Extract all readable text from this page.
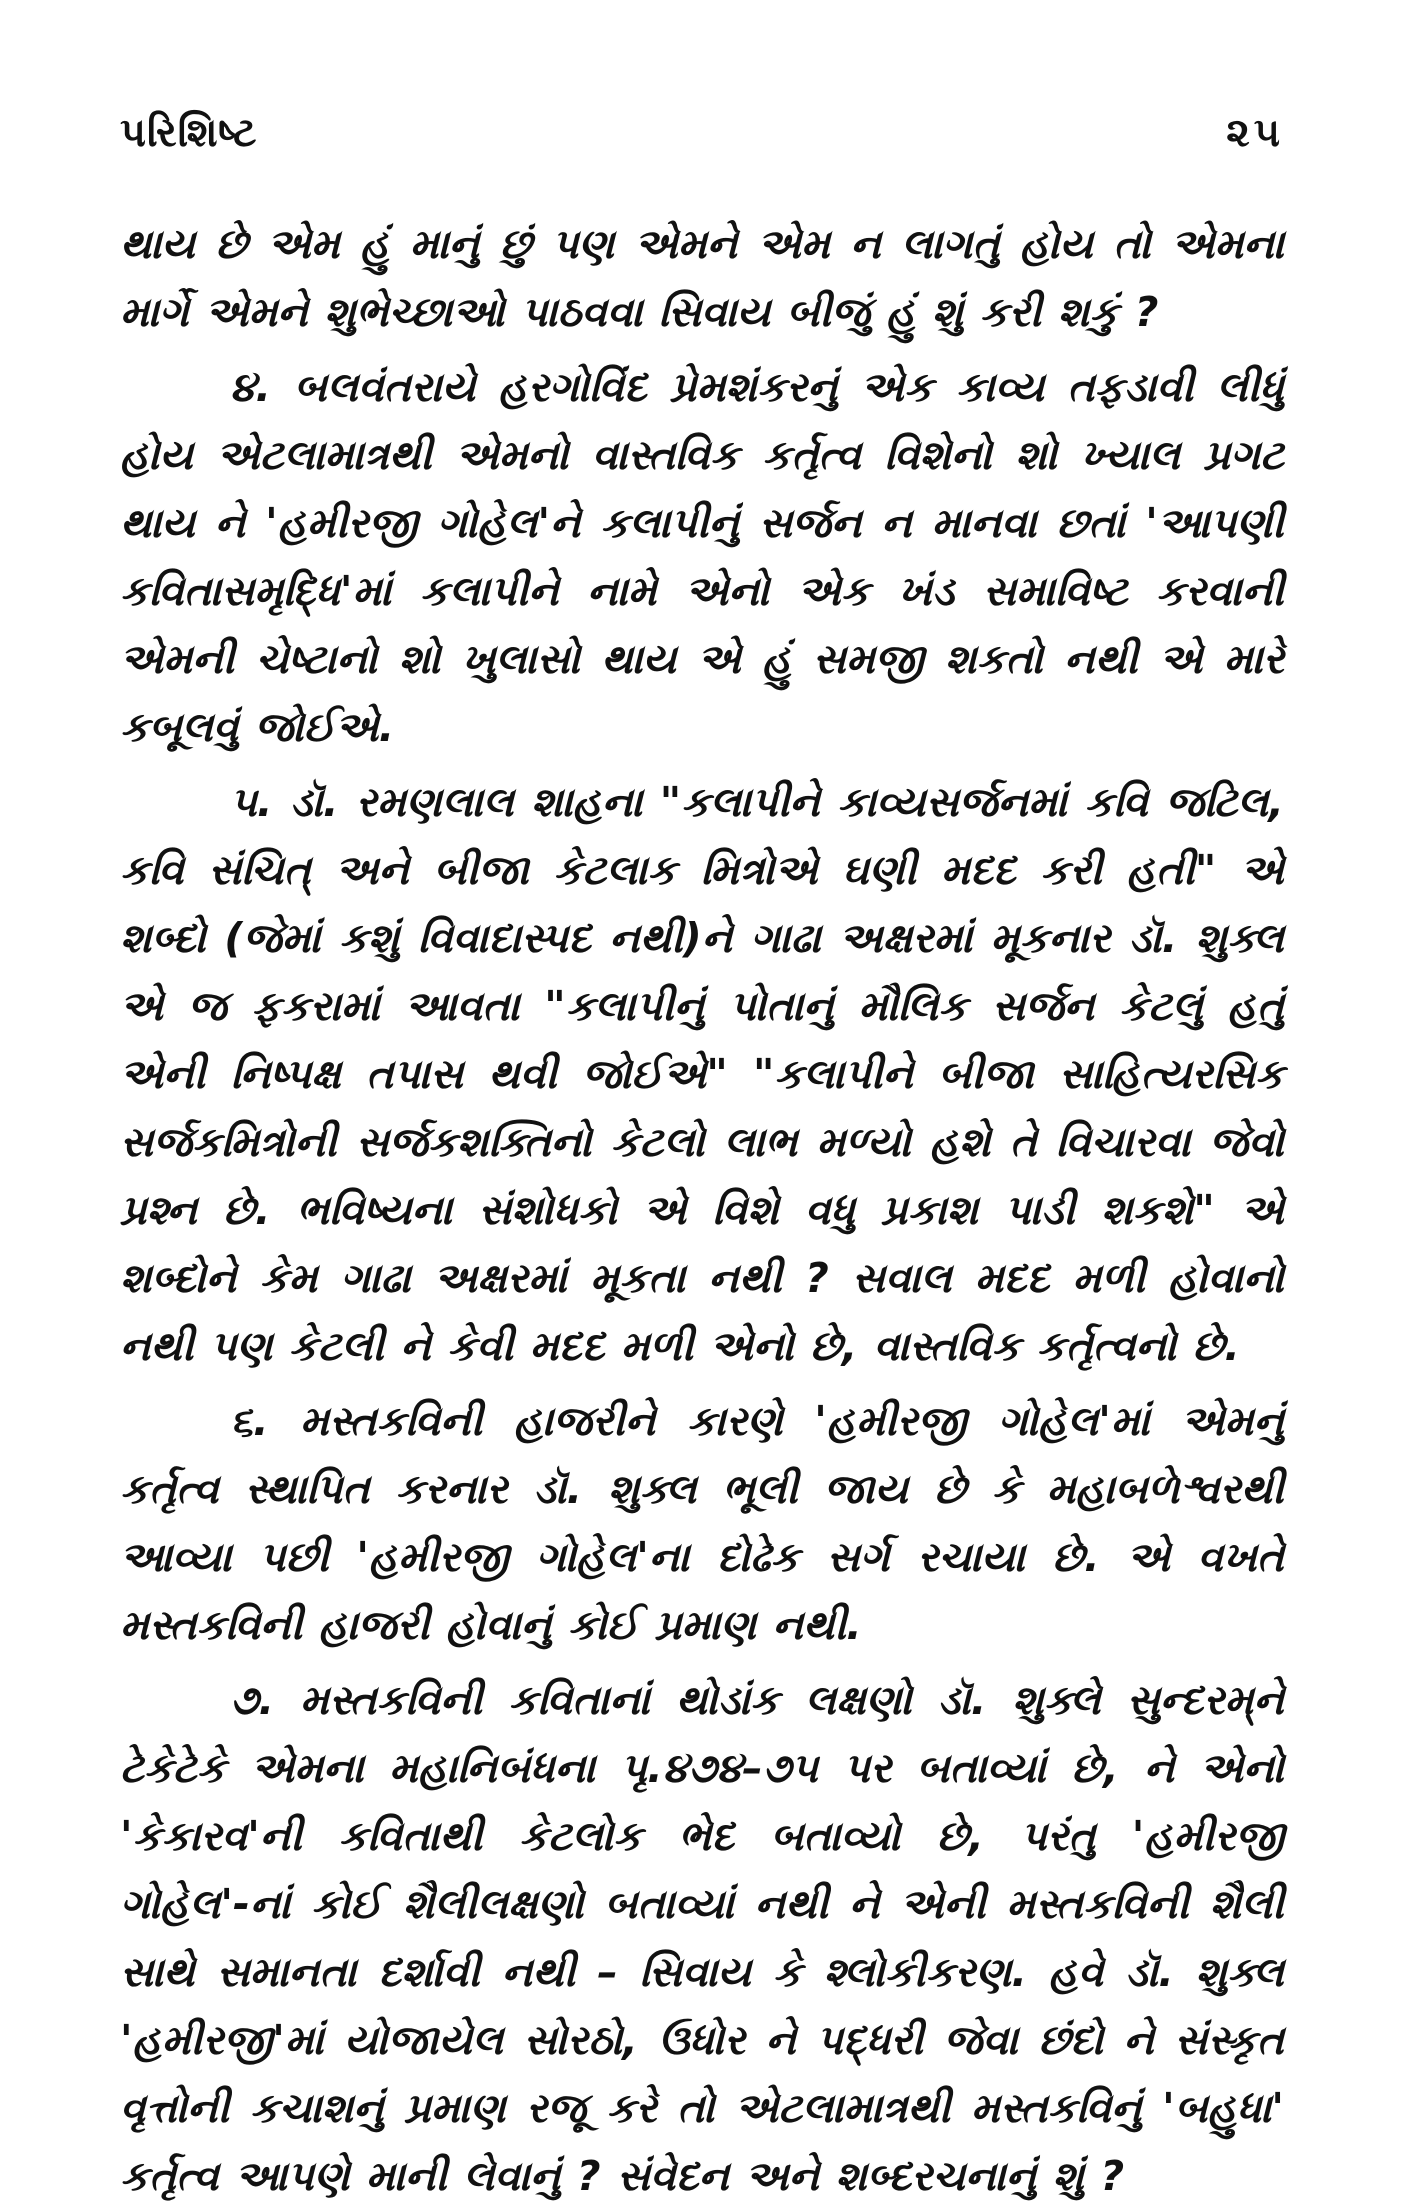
પરિશિષ્ટ	૨૫

થાય છે એમ હું માનું છું પણ એમને એમ ન લાગતું હોય તો એમના માર્ગે એમને શુભેચ્છાઓ પાઠવવા સિવાય બીજું હું શું કરી શકું ?

૪. બલવંતરાયે હરગોવિંદ પ્રેમશંકરનું એક કાવ્ય તફડાવી લીધું હોય એટલામાત્રથી એમનો વાસ્તવિક કર્તૃત્વ વિશેનો શો ખ્યાલ પ્રગટ થાય ને 'હમીરજી ગોહેલ'ને કલાપીનું સર્જન ન માનવા છતાં 'આપણી કવિતાસમૃદ્ધિ'માં કલાપીને નામે એનો એક ખંડ સમાવિષ્ટ કરવાની એમની ચેષ્ટાનો શો ખુલાસો થાય એ હું સમજી શકતો નથી એ મારે કબૂલવું જોઈએ.

૫. ડૉ. રમણલાલ શાહના "કલાપીને કાવ્યસર્જનમાં કવિ જટિલ, કવિ સંચિત્ અને બીજા કેટલાક મિત્રોએ ઘણી મદદ કરી હતી" એ શબ્દો (જેમાં કશું વિવાદાસ્પદ નથી)ને ગાઢા અક્ષરમાં મૂકનાર ડૉ. શુક્લ એ જ ફકરામાં આવતા "કલાપીનું પોતાનું મૌલિક સર્જન કેટલું હતું એની નિષ્પક્ષ તપાસ થવી જોઈએ" "કલાપીને બીજા સાહિત્યરસિક સર્જકમિત્રોની સર્જકશક્તિનો કેટલો લાભ મળ્યો હશે તે વિચારવા જેવો પ્રશ્ન છે. ભવિષ્યના સંશોધકો એ વિશે વધુ પ્રકાશ પાડી શકશે" એ શબ્દોને કેમ ગાઢા અક્ષરમાં મૂકતા નથી ? સવાલ મદદ મળી હોવાનો નથી પણ કેટલી ને કેવી મદદ મળી એનો છે, વાસ્તવિક કર્તૃત્વનો છે.

૬. મસ્તકવિની હાજરીને કારણે 'હમીરજી ગોહેલ'માં એમનું કર્તૃત્વ સ્થાપિત કરનાર ડૉ. શુક્લ ભૂલી જાય છે કે મહાબળેશ્વરથી આવ્યા પછી 'હમીરજી ગોહેલ'ના દોઢેક સર્ગ રચાયા છે. એ વખતે મસ્તકવિની હાજરી હોવાનું કોઈ પ્રમાણ નથી.

૭. મસ્તકવિની કવિતાનાં થોડાંક લક્ષણો ડૉ. શુક્લે સુન્દરમ્‌ને ટેકેટેકે એમના મહાનિબંધના પૃ.૪૭૪–૭૫ પર બતાવ્યાં છે, ને એનો 'કેકારવ'ની કવિતાથી કેટલોક ભેદ બતાવ્યો છે, પરંતુ 'હમીરજી ગોહેલ'-નાં કોઈ શૈલીલક્ષણો બતાવ્યાં નથી ને એની મસ્તકવિની શૈલી સાથે સમાનતા દર્શાવી નથી – સિવાય કે શ્લોકીકરણ. હવે ડૉ. શુક્લ 'હમીરજી'માં યોજાયેલ સોરઠો, ઉધોર ને પદ્ધરી જેવા છંદો ને સંસ્કૃત વૃત્તોની કચાશનું પ્રમાણ રજૂ કરે તો એટલામાત્રથી મસ્તકવિનું 'બહુધા' કર્તૃત્વ આપણે માની લેવાનું ? સંવેદન અને શબ્દરચનાનું શું ?
